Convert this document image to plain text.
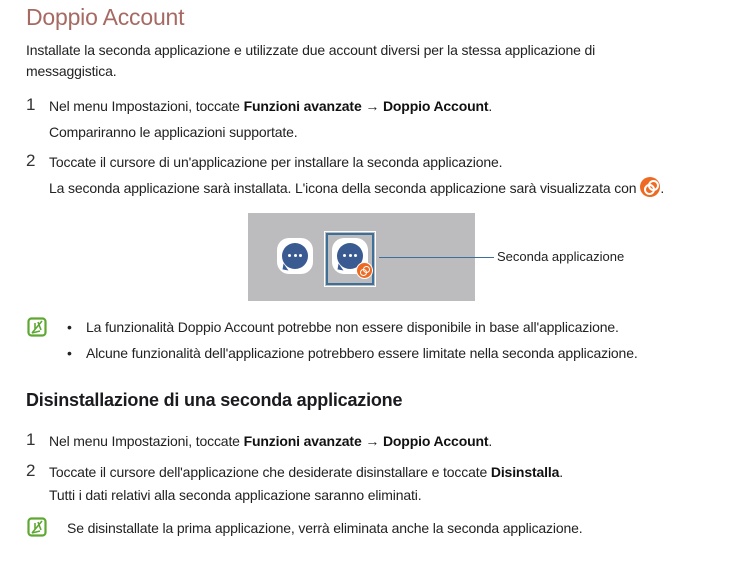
Doppio Account
Installate la seconda applicazione e utilizzate due account diversi per la stessa applicazione di
messaggistica.
1 Nel menu Impostazioni, toccate Funzioni avanzate → Doppio Account.
Compariranno le applicazioni supportate.
2 Toccate il cursore di un'applicazione per installare la seconda applicazione.
La seconda applicazione sarà installata. L'icona della seconda applicazione sarà visualizzata con .
Seconda applicazione
• La funzionalità Doppio Account potrebbe non essere disponibile in base all'applicazione.
• Alcune funzionalità dell'applicazione potrebbero essere limitate nella seconda applicazione.
Disinstallazione di una seconda applicazione
1 Nel menu Impostazioni, toccate Funzioni avanzate → Doppio Account.
2 Toccate il cursore dell'applicazione che desiderate disinstallare e toccate Disinstalla.
Tutti i dati relativi alla seconda applicazione saranno eliminati.
Se disinstallate la prima applicazione, verrà eliminata anche la seconda applicazione.
